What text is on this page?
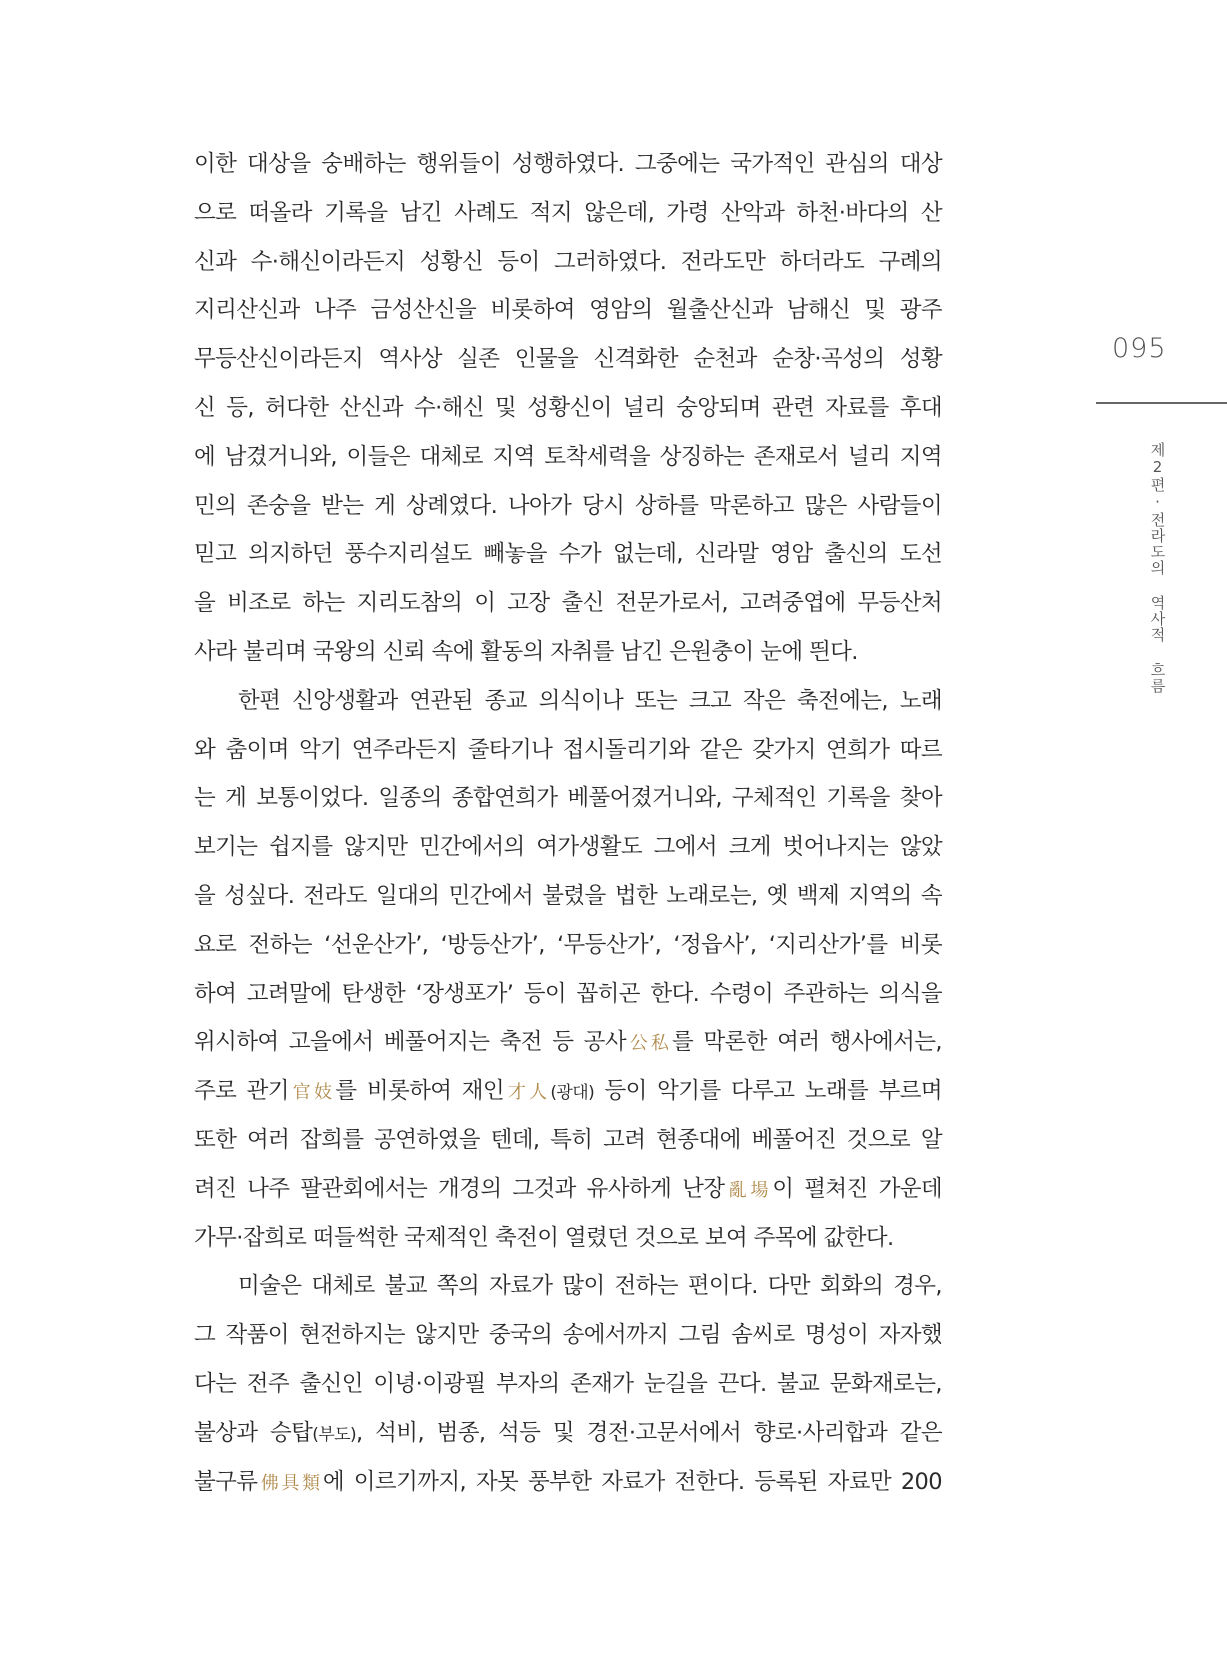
이한 대상을 숭배하는 행위들이 성행하였다. 그중에는 국가적인 관심의 대상
으로 떠올라 기록을 남긴 사례도 적지 않은데, 가령 산악과 하천·바다의 산
신과 수·해신이라든지 성황신 등이 그러하였다. 전라도만 하더라도 구례의
지리산신과 나주 금성산신을 비롯하여 영암의 월출산신과 남해신 및 광주
무등산신이라든지 역사상 실존 인물을 신격화한 순천과 순창·곡성의 성황
신 등, 허다한 산신과 수·해신 및 성황신이 널리 숭앙되며 관련 자료를 후대
에 남겼거니와, 이들은 대체로 지역 토착세력을 상징하는 존재로서 널리 지역
민의 존숭을 받는 게 상례였다. 나아가 당시 상하를 막론하고 많은 사람들이
믿고 의지하던 풍수지리설도 빼놓을 수가 없는데, 신라말 영암 출신의 도선
을 비조로 하는 지리도참의 이 고장 출신 전문가로서, 고려중엽에 무등산처
사라 불리며 국왕의 신뢰 속에 활동의 자취를 남긴 은원충이 눈에 띈다.
한편 신앙생활과 연관된 종교 의식이나 또는 크고 작은 축전에는, 노래
와 춤이며 악기 연주라든지 줄타기나 접시돌리기와 같은 갖가지 연희가 따르
는 게 보통이었다. 일종의 종합연희가 베풀어졌거니와, 구체적인 기록을 찾아
보기는 쉽지를 않지만 민간에서의 여가생활도 그에서 크게 벗어나지는 않았
을 성싶다. 전라도 일대의 민간에서 불렸을 법한 노래로는, 옛 백제 지역의 속
요로 전하는 ‘선운산가’, ‘방등산가’, ‘무등산가’, ‘정읍사’, ‘지리산가’를 비롯
하여 고려말에 탄생한 ‘장생포가’ 등이 꼽히곤 한다. 수령이 주관하는 의식을
위시하여 고을에서 베풀어지는 축전 등 공사公私를 막론한 여러 행사에서는,
주로 관기官妓를 비롯하여 재인才人(광대) 등이 악기를 다루고 노래를 부르며
또한 여러 잡희를 공연하였을 텐데, 특히 고려 현종대에 베풀어진 것으로 알
려진 나주 팔관회에서는 개경의 그것과 유사하게 난장亂場이 펼쳐진 가운데
가무·잡희로 떠들썩한 국제적인 축전이 열렸던 것으로 보여 주목에 값한다.
미술은 대체로 불교 쪽의 자료가 많이 전하는 편이다. 다만 회화의 경우,
그 작품이 현전하지는 않지만 중국의 송에서까지 그림 솜씨로 명성이 자자했
다는 전주 출신인 이녕·이광필 부자의 존재가 눈길을 끈다. 불교 문화재로는,
불상과 승탑(부도), 석비, 범종, 석등 및 경전·고문서에서 향로·사리합과 같은
불구류佛具類에 이르기까지, 자못 풍부한 자료가 전한다. 등록된 자료만 200
095
제2편·전라도의 역사적 흐름
